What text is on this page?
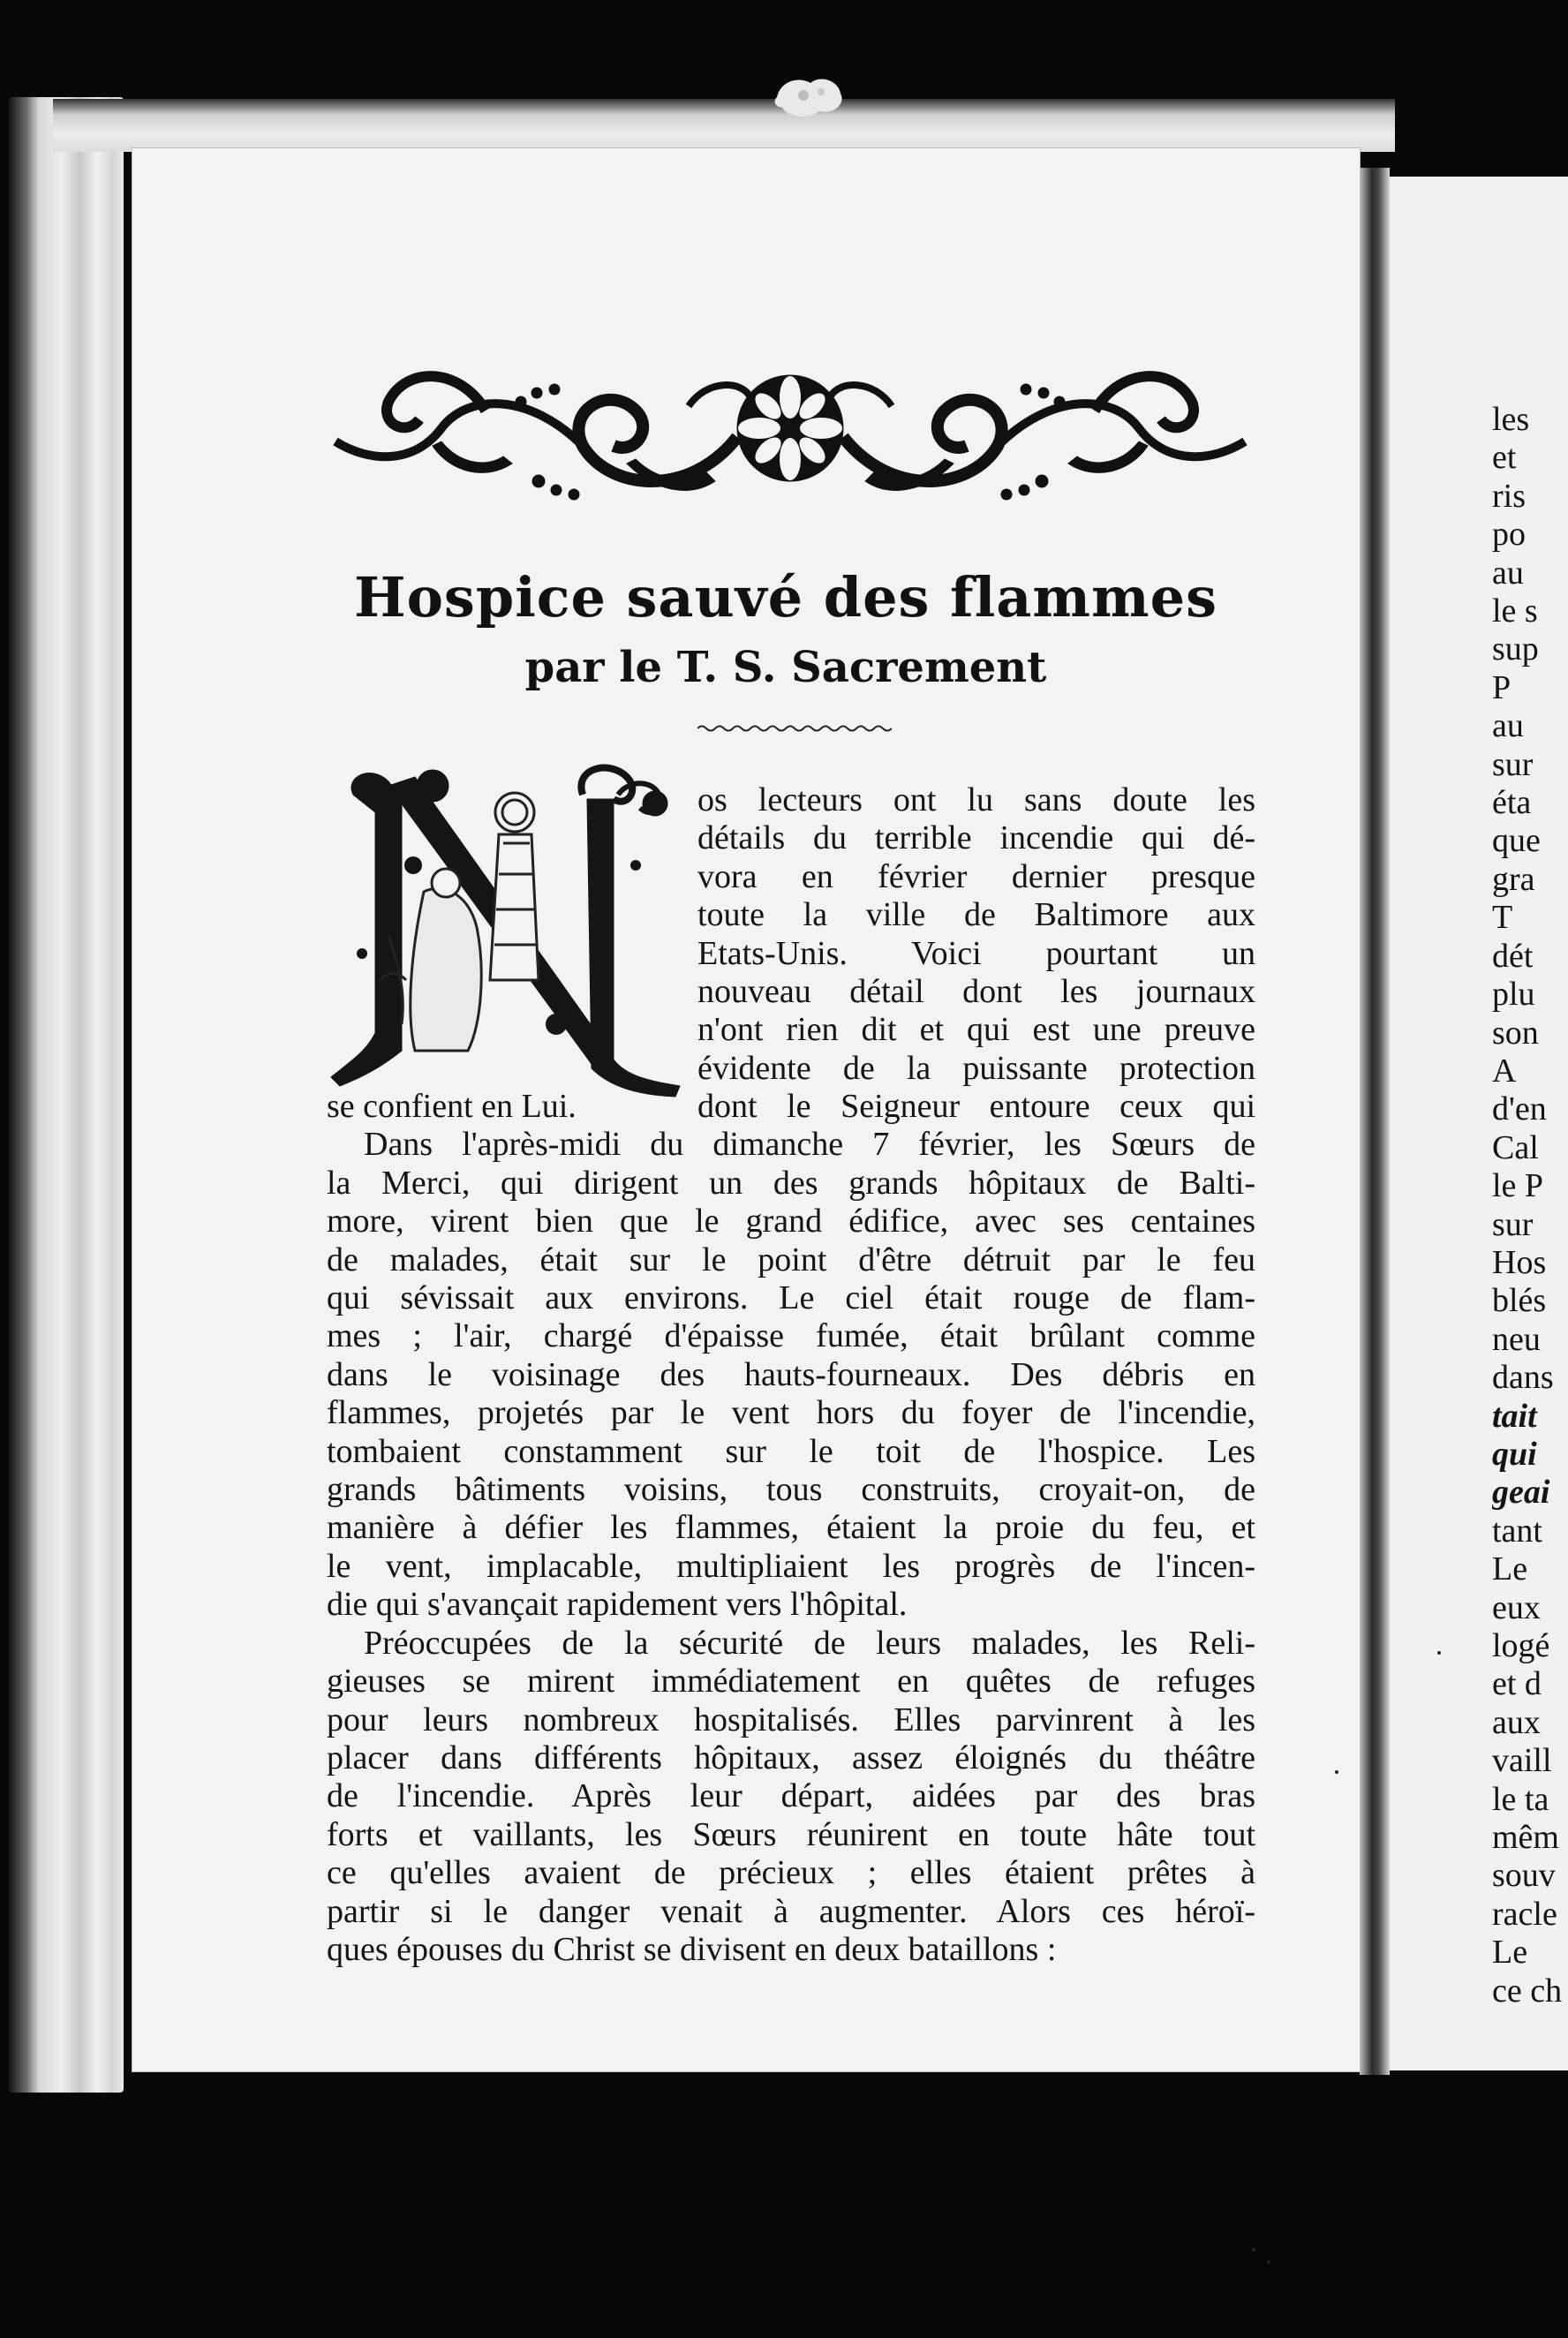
Hospice sauvé des flammes
par le T. S. Sacrement
os lecteurs ont lu sans doute les
détails du terrible incendie qui dé-
vora en février dernier presque
toute la ville de Baltimore aux
Etats-Unis. Voici pourtant un
nouveau détail dont les journaux
n'ont rien dit et qui est une preuve
évidente de la puissante protection
dont le Seigneur entoure ceux qui
se confient en Lui.
Dans l'après-midi du dimanche 7 février, les Sœurs de
la Merci, qui dirigent un des grands hôpitaux de Balti-
more, virent bien que le grand édifice, avec ses centaines
de malades, était sur le point d'être détruit par le feu
qui sévissait aux environs. Le ciel était rouge de flam-
mes ; l'air, chargé d'épaisse fumée, était brûlant comme
dans le voisinage des hauts-fourneaux. Des débris en
flammes, projetés par le vent hors du foyer de l'incendie,
tombaient constamment sur le toit de l'hospice. Les
grands bâtiments voisins, tous construits, croyait-on, de
manière à défier les flammes, étaient la proie du feu, et
le vent, implacable, multipliaient les progrès de l'incen-
die qui s'avançait rapidement vers l'hôpital.
Préoccupées de la sécurité de leurs malades, les Reli-
gieuses se mirent immédiatement en quêtes de refuges
pour leurs nombreux hospitalisés. Elles parvinrent à les
placer dans différents hôpitaux, assez éloignés du théâtre
de l'incendie. Après leur départ, aidées par des bras
forts et vaillants, les Sœurs réunirent en toute hâte tout
ce qu'elles avaient de précieux ; elles étaient prêtes à
partir si le danger venait à augmenter. Alors ces héroï-
ques épouses du Christ se divisent en deux bataillons :
les
et
ris
po
au
le s
sup
P
au
sur
éta
que
gra
T
dét
plu
son
A
d'en
Cal
le P
sur
Hos
blés
neu
dans
tait
qui
geai
tant
Le
eux
logé
et d
aux
vaill
le ta
mêm
souv
racle
Le
ce ch
